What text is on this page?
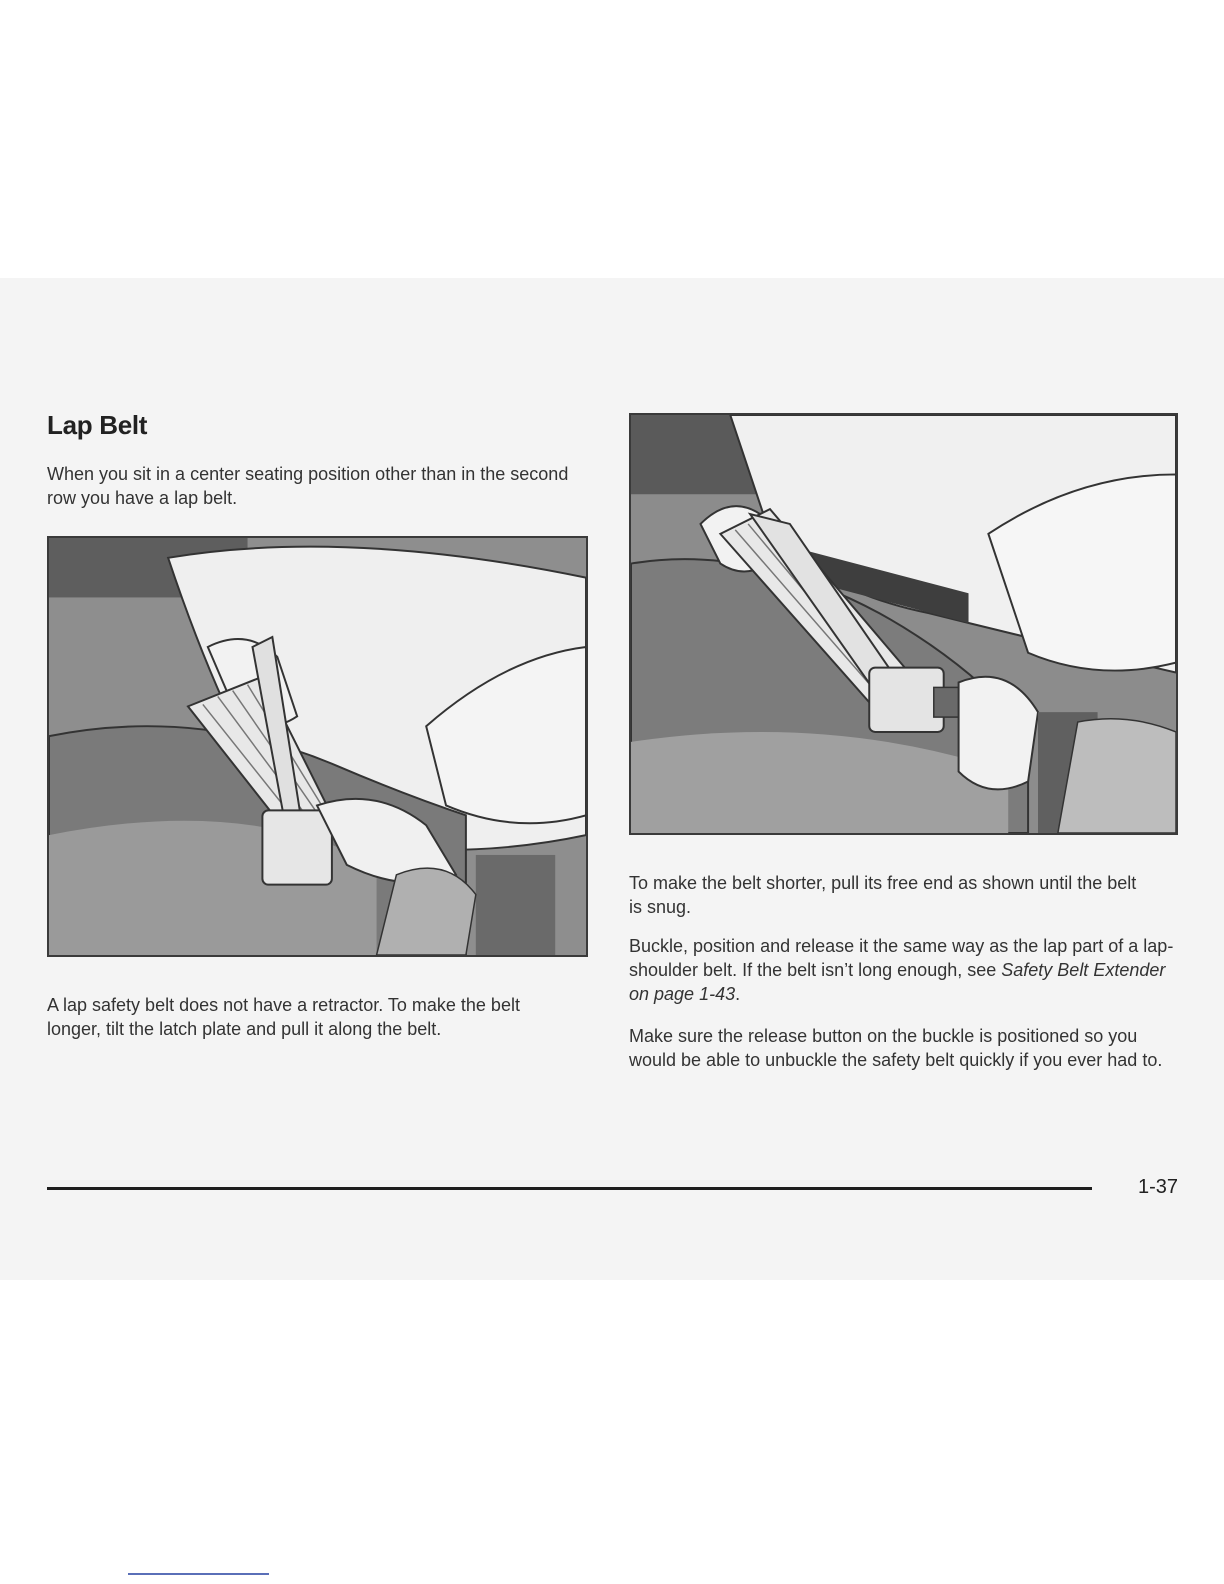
Lap Belt

When you sit in a center seating position other than in the second row you have a lap belt.

A lap safety belt does not have a retractor. To make the belt longer, tilt the latch plate and pull it along the belt.

To make the belt shorter, pull its free end as shown until the belt is snug.

Buckle, position and release it the same way as the lap part of a lap-shoulder belt. If the belt isn’t long enough, see Safety Belt Extender on page 1-43.

Make sure the release button on the buckle is positioned so you would be able to unbuckle the safety belt quickly if you ever had to.

1-37
